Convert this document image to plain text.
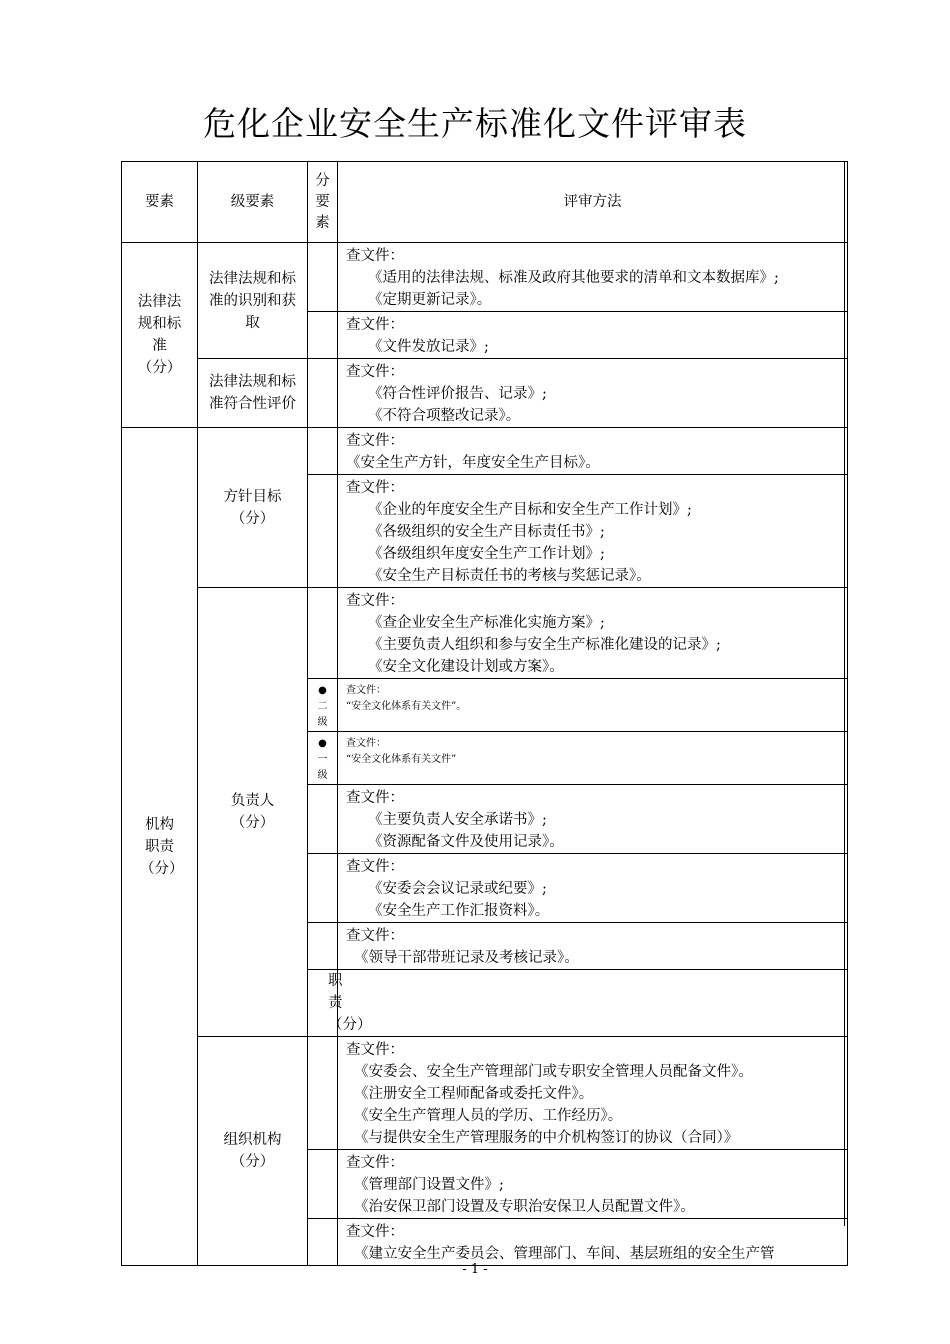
危化企业安全生产标准化文件评审表
要素	级要素	分要素	评审方法	
法律法规和标准（分）	法律法规和标准的识别和获取		查文件：
《适用的法律法规、标准及政府其他要求的清单和文本数据库》;
《定期更新记录》。	

			查文件：
《文件发放记录》;	

	法律法规和标准符合性评价		查文件：
《符合性评价报告、记录》;
《不符合项整改记录》。	

机构职责（分）	方针目标（分）		查文件：
《安全生产方针，年度安全生产目标》。	

			查文件：
《企业的年度安全生产目标和安全生产工作计划》;
《各级组织的安全生产目标责任书》;
《各级组织年度安全生产工作计划》;
《安全生产目标责任书的考核与奖惩记录》。	

	负责人（分）		查文件：
《查企业安全生产标准化实施方案》;
《主要负责人组织和参与安全生产标准化建设的记录》;
《安全文化建设计划或方案》。	

		●二级	查文件：
“安全文化体系有关文件”。	

		●一级	查文件：
“安全文化体系有关文件”	

			查文件：
《主要负责人安全承诺书》;
《资源配备文件及使用记录》。	

			查文件：
《安委会会议记录或纪要》;
《安全生产工作汇报资料》。	

			查文件：
《领导干部带班记录及考核记录》。	

		职责（分）		

	组织机构（分）		查文件：
《安委会、安全生产管理部门或专职安全管理人员配备文件》。
《注册安全工程师配备或委托文件》。
《安全生产管理人员的学历、工作经历》。
《与提供安全生产管理服务的中介机构签订的协议（合同）》	

			查文件：
《管理部门设置文件》;
《治安保卫部门设置及专职治安保卫人员配置文件》。	

			查文件：
《建立安全生产委员会、管理部门、车间、基层班组的安全生产管	
- 1 -
